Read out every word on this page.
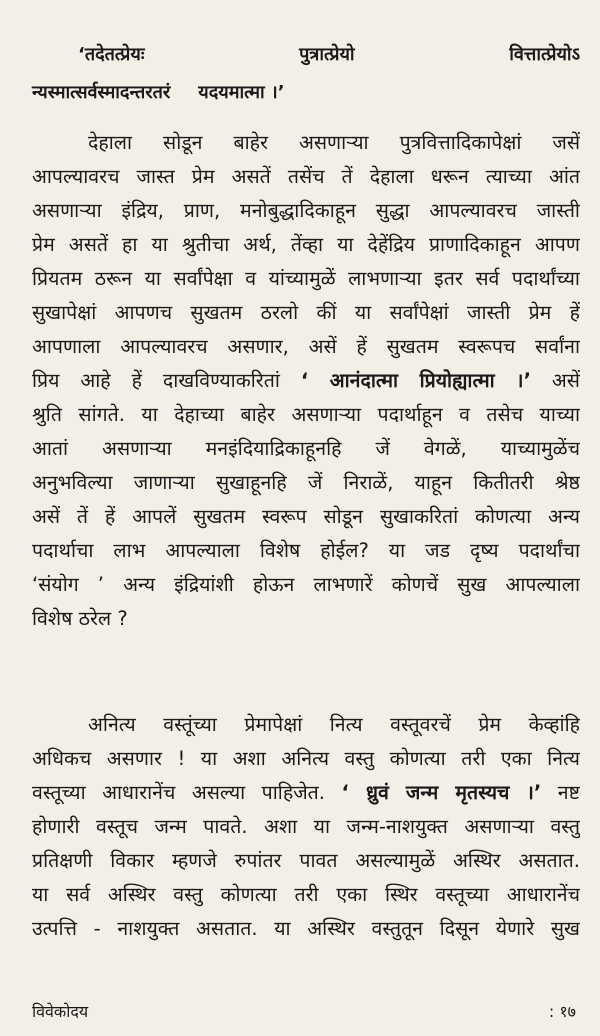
‘तदेतत्प्रेयः	पुत्रात्प्रेयो	वित्तात्प्रेयोऽ
न्यस्मात्सर्वस्मादन्तरतरं यदयमात्मा ।’
देहाला सोडून बाहेर असणाऱ्या पुत्रवित्तादिकापेक्षां जसें
आपल्यावरच जास्त प्रेम असतें तसेंच तें देहाला धरून त्याच्या आंत
असणाऱ्या इंद्रिय, प्राण, मनोबुद्धादिकाहून सुद्धा आपल्यावरच जास्ती
प्रेम असतें हा या श्रुतीचा अर्थ, तेंव्हा या देहेंद्रिय प्राणादिकाहून आपण
प्रियतम ठरून या सर्वांपेक्षा व यांच्यामुळें लाभणाऱ्या इतर सर्व पदार्थांच्या
सुखापेक्षां आपणच सुखतम ठरलो कीं या सर्वांपेक्षां जास्ती प्रेम हें
आपणाला आपल्यावरच असणार, असें हें सुखतम स्वरूपच सर्वांना
प्रिय आहे हें दाखविण्याकरितां ‘ आनंदात्मा प्रियोह्यात्मा ।’ असें
श्रुति सांगते. या देहाच्या बाहेर असणाऱ्या पदार्थाहून व तसेच याच्या
आतां असणाऱ्या मनइंदियाद्रिकाहूनहि जें वेगळें, याच्यामुळेंच
अनुभविल्या जाणाऱ्या सुखाहूनहि जें निराळें, याहून कितीतरी श्रेष्ठ
असें तें हें आपलें सुखतम स्वरूप सोडून सुखाकरितां कोणत्या अन्य
पदार्थाचा लाभ आपल्याला विशेष होईल? या जड दृष्य पदार्थांचा
‘संयोग ’ अन्य इंद्रियांशी होऊन लाभणारें कोणचें सुख आपल्याला
विशेष ठरेल ?
अनित्य वस्तूंच्या प्रेमापेक्षां नित्य वस्तूवरचें प्रेम केव्हांहि
अधिकच असणार ! या अशा अनित्य वस्तु कोणत्या तरी एका नित्य
वस्तूच्या आधारानेंच असल्या पाहिजेत. ‘ ध्रुवं जन्म मृतस्यच ।’ नष्ट
होणारी वस्तूच जन्म पावते. अशा या जन्म-नाशयुक्त असणाऱ्या वस्तु
प्रतिक्षणी विकार म्हणजे रुपांतर पावत असल्यामुळें अस्थिर असतात.
या सर्व अस्थिर वस्तु कोणत्या तरी एका स्थिर वस्तूच्या आधारानेंच
उत्पत्ति - नाशयुक्त असतात. या अस्थिर वस्तुतून दिसून येणारे सुख
विवेकोदय	: १७
